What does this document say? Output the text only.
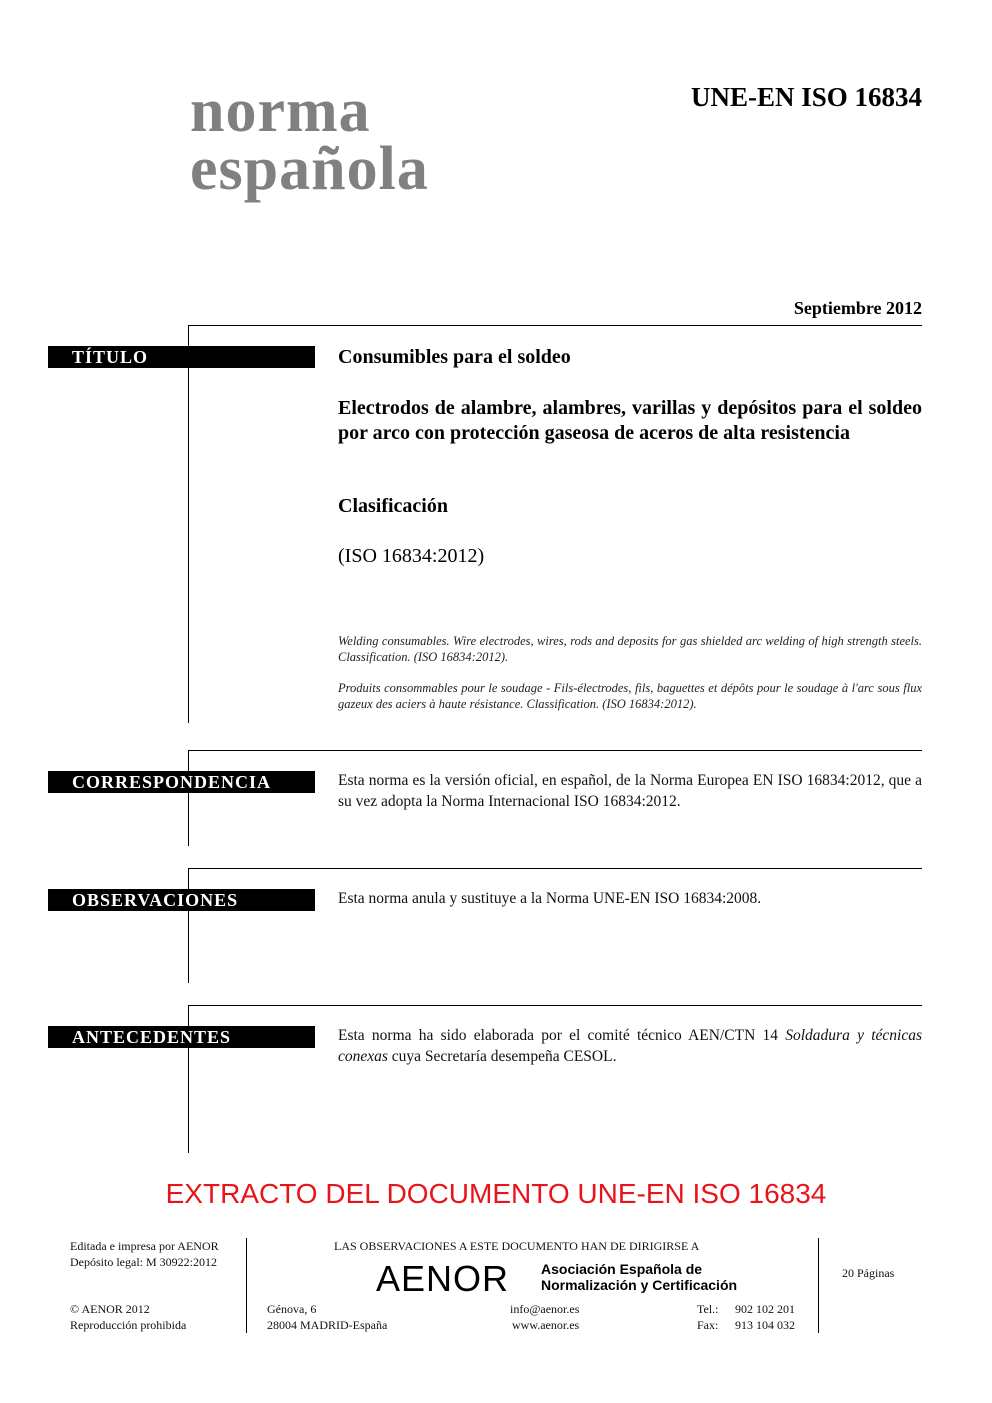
norma
española
UNE-EN ISO 16834
Septiembre 2012
TÍTULO	Consumibles para el soldeo
Electrodos de alambre, alambres, varillas y depósitos para el soldeo por arco con protección gaseosa de aceros de alta resistencia
Clasificación
(ISO 16834:2012)
Welding consumables. Wire electrodes, wires, rods and deposits for gas shielded arc welding of high strength steels. Classification. (ISO 16834:2012).
Produits consommables pour le soudage - Fils-électrodes, fils, baguettes et dépôts pour le soudage à l'arc sous flux gazeux des aciers à haute résistance. Classification. (ISO 16834:2012).
CORRESPONDENCIA	Esta norma es la versión oficial, en español, de la Norma Europea EN ISO 16834:2012, que a su vez adopta la Norma Internacional ISO 16834:2012.
OBSERVACIONES	Esta norma anula y sustituye a la Norma UNE-EN ISO 16834:2008.
ANTECEDENTES	Esta norma ha sido elaborada por el comité técnico AEN/CTN 14 Soldadura y técnicas conexas cuya Secretaría desempeña CESOL.
EXTRACTO DEL DOCUMENTO UNE-EN ISO 16834
Editada e impresa por AENOR
Depósito legal: M 30922:2012
© AENOR 2012
Reproducción prohibida
LAS OBSERVACIONES A ESTE DOCUMENTO HAN DE DIRIGIRSE A
AENOR Asociación Española de
Normalización y Certificación
Génova, 6
28004 MADRID-España
info@aenor.es
www.aenor.es
Tel.: 902 102 201
Fax: 913 104 032
20 Páginas
